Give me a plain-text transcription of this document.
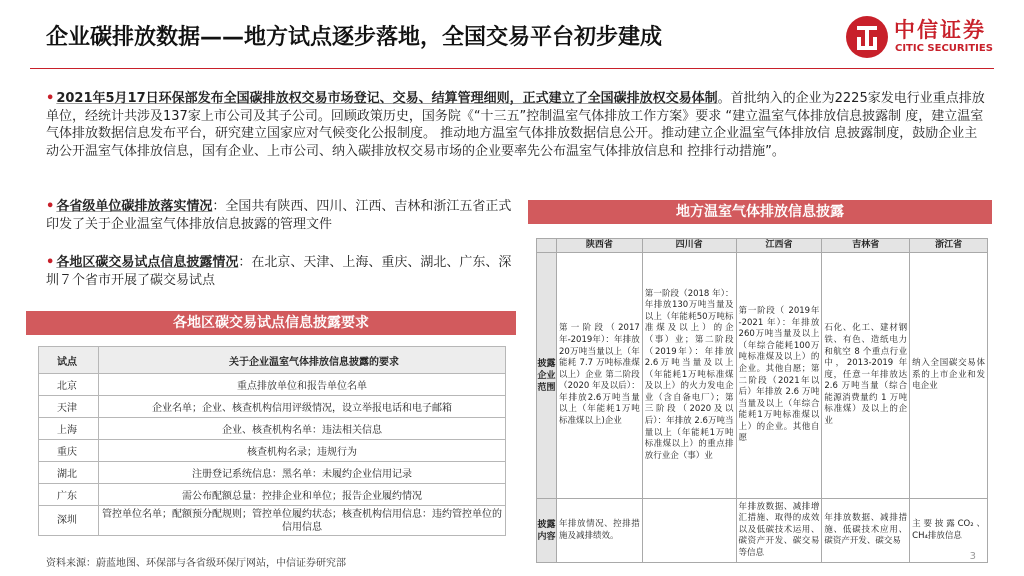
企业碳排放数据——地方试点逐步落地，全国交易平台初步建成	中信证券
CITIC SECURITIES
• 2021年5月17日环保部发布全国碳排放权交易市场登记、交易、结算管理细则，正式建立了全国碳排放权交易体制。首批纳入的企业为2225家发电行业重点排放单位，经统计共涉及137家上市公司及其子公司。回顾政策历史，国务院《“十三五”控制温室气体排放工作方案》要求 “建立温室气体排放信息披露制 度，建立温室气体排放数据信息发布平台，研究建立国家应对气候变化公报制度。 推动地方温室气体排放数据信息公开。推动建立企业温室气体排放信 息披露制度，鼓励企业主动公开温室气体排放信息，国有企业、上市公司、纳入碳排放权交易市场的企业要率先公布温室气体排放信息和 控排行动措施”。
• 各省级单位碳排放落实情况：全国共有陕西、四川、江西、吉林和浙江五省正式印发了关于企业温室气体排放信息披露的管理文件
• 各地区碳交易试点信息披露情况：在北京、天津、上海、重庆、湖北、广东、深圳７个省市开展了碳交易试点
各地区碳交易试点信息披露要求
试点	关于企业温室气体排放信息披露的要求
北京	重点排放单位和报告单位名单
天津	企业名单；企业、核查机构信用评级情况，设立举报电话和电子邮箱
上海	企业、核查机构名单：违法相关信息
重庆	核查机构名录；违规行为
湖北	注册登记系统信息：黑名单：未履约企业信用记录
广东	需公布配额总量：控排企业和单位；报告企业履约情况
深圳	管控单位名单；配额预分配规则；管控单位履约状态；核查机构信用信息：违约管控单位的信用信息
地方温室气体排放信息披露
	陕西省	四川省	江西省	吉林省	浙江省
披露企业范围	第一阶段（2017 年-2019年）：年排放20万吨当量以上（年能耗 7.7 万吨标准煤以上）企业 第二阶段（2020 年及以后）：年排放2.6万吨当量以上（年能耗1万吨标准煤以上)企业	第一阶段（2018 年）：年排放130万吨当量及以上（年能耗50万吨标准煤及以上）的企（事）业；第二阶段（2019年）：年排放2.6万吨当量及以上（年能耗1万吨标准煤及以上）的火力发电企业（含自备电厂）；第三阶段（2020及以后）：年排放 2.6万吨当量以上（年能耗1万吨标准煤以上）的重点排放行业企（事）业	第一阶段（ 2019年 -2021 年）：年排放260万吨当量及以上（年综合能耗100万吨标准煤及以上）的企业。其他自愿；第二阶段（2021年以后）年排放 2.6 万吨当量及以上（年综合能耗1万吨标准煤以上）的企业。其他自愿	石化、化工、建材钢铁、有色、造纸电力和航空 8 个重点行业中，2013-2019 年度，任意一年排放达 2.6 万吨当量（综合能源消费量约 1 万吨标准煤）及以上的企业	纳入全国碳交易体系的上市企业和发电企业
披露内容	年排放情况、控排措施及减排绩效。		年排放数据、减排增汇措施、取得的成效以及低碳技术运用、碳资产开发、碳交易等信息	年排放数据、减排措施、低碳技术应用、碳资产开发、碳交易	主要披露CO₂、CH₄排放信息
资料来源：蔚蓝地图、环保部与各省级环保厅网站，中信证券研究部
3
